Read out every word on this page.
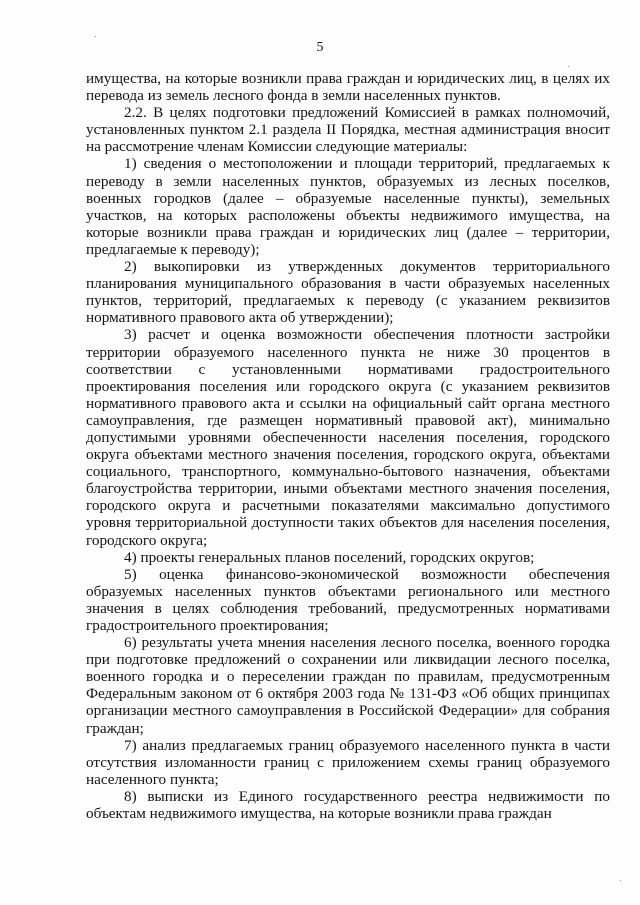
5

имущества, на которые возникли права граждан и юридических лиц, в целях их перевода из земель лесного фонда в земли населенных пунктов.

2.2. В целях подготовки предложений Комиссией в рамках полномочий, установленных пунктом 2.1 раздела II Порядка, местная администрация вносит на рассмотрение членам Комиссии следующие материалы:

1) сведения о местоположении и площади территорий, предлагаемых к переводу в земли населенных пунктов, образуемых из лесных поселков, военных городков (далее – образуемые населенные пункты), земельных участков, на которых расположены объекты недвижимого имущества, на которые возникли права граждан и юридических лиц (далее – территории, предлагаемые к переводу);

2) выкопировки из утвержденных документов территориального планирования муниципального образования в части образуемых населенных пунктов, территорий, предлагаемых к переводу (с указанием реквизитов нормативного правового акта об утверждении);

3) расчет и оценка возможности обеспечения плотности застройки территории образуемого населенного пункта не ниже 30 процентов в соответствии с установленными нормативами градостроительного проектирования поселения или городского округа (с указанием реквизитов нормативного правового акта и ссылки на официальный сайт органа местного самоуправления, где размещен нормативный правовой акт), минимально допустимыми уровнями обеспеченности населения поселения, городского округа объектами местного значения поселения, городского округа, объектами социального, транспортного, коммунально-бытового назначения, объектами благоустройства территории, иными объектами местного значения поселения, городского округа и расчетными показателями максимально допустимого уровня территориальной доступности таких объектов для населения поселения, городского округа;

4) проекты генеральных планов поселений, городских округов;

5) оценка финансово-экономической возможности обеспечения образуемых населенных пунктов объектами регионального или местного значения в целях соблюдения требований, предусмотренных нормативами градостроительного проектирования;

6) результаты учета мнения населения лесного поселка, военного городка при подготовке предложений о сохранении или ликвидации лесного поселка, военного городка и о переселении граждан по правилам, предусмотренным Федеральным законом от 6 октября 2003 года № 131-ФЗ «Об общих принципах организации местного самоуправления в Российской Федерации» для собрания граждан;

7) анализ предлагаемых границ образуемого населенного пункта в части отсутствия изломанности границ с приложением схемы границ образуемого населенного пункта;

8) выписки из Единого государственного реестра недвижимости по объектам недвижимого имущества, на которые возникли права граждан
